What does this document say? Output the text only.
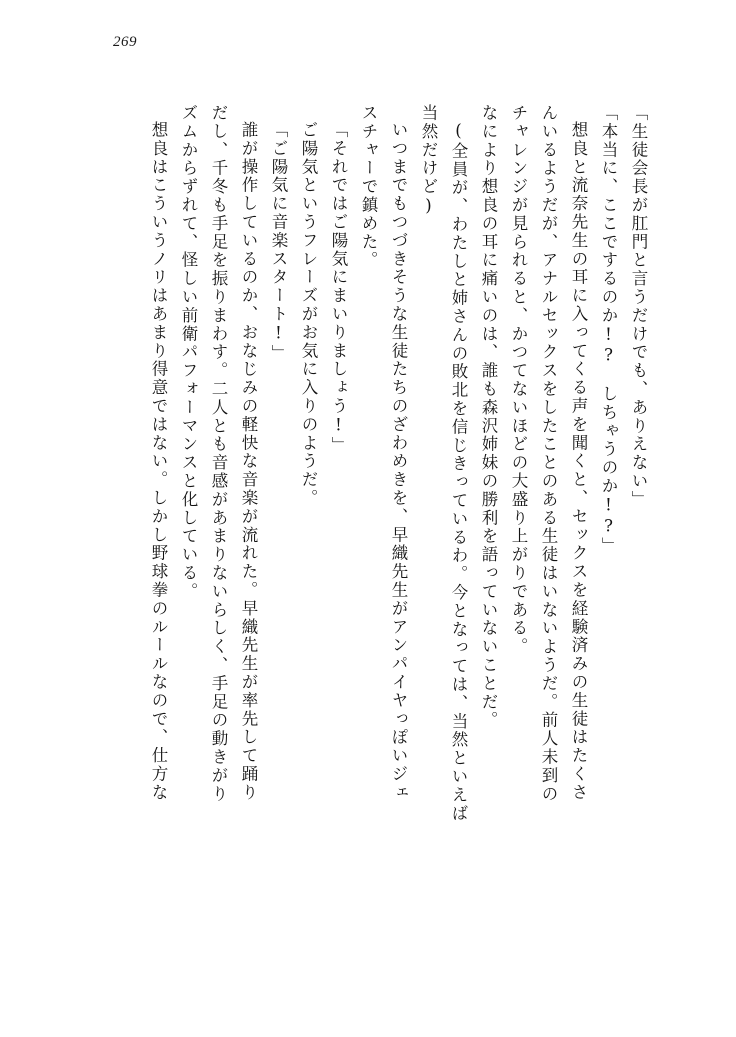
269
「生徒会長が肛門と言うだけでも、ありえない」
「本当に、ここでするのか!?　しちゃうのか!?」
想良と流奈先生の耳に入ってくる声を聞くと、セックスを経験済みの生徒はたくさ
んいるようだが、アナルセックスをしたことのある生徒はいないようだ。前人未到の
チャレンジが見られると、かつてないほどの大盛り上がりである。
なにより想良の耳に痛いのは、誰も森沢姉妹の勝利を語っていないことだ。
(全員が、わたしと姉さんの敗北を信じきっているわ。今となっては、当然といえば
当然だけど)
いつまでもつづきそうな生徒たちのざわめきを、早織先生がアンパイヤっぽいジェ
スチャーで鎮めた。
「それではご陽気にまいりましょう!」
ご陽気というフレーズがお気に入りのようだ。
「ご陽気に音楽スタート!」
誰が操作しているのか、おなじみの軽快な音楽が流れた。早織先生が率先して踊り
だし、千冬も手足を振りまわす。二人とも音感があまりないらしく、手足の動きがり
ズムからずれて、怪しい前衛パフォーマンスと化している。
想良はこういうノリはあまり得意ではない。しかし野球拳のルールなので、仕方な
